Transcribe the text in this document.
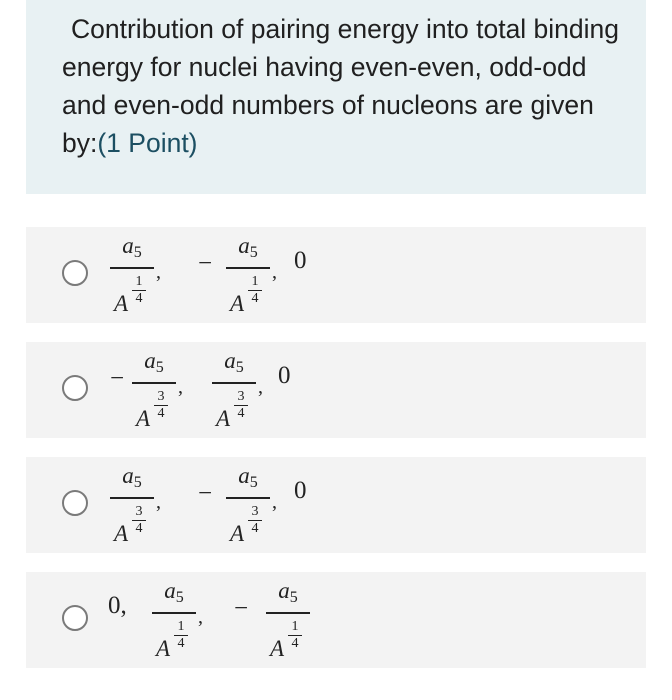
Contribution of pairing energy into total binding energy for nuclei having even-even, odd-odd and even-odd numbers of nucleons are given by:(1 Point)
$a_5$
A
1
4
, −
$a_5$
A
1
4
, 0
−
$a_5$
A
3
4
,
$a_5$
A
3
4
, 0
$a_5$
A
3
4
, −
$a_5$
A
3
4
, 0
0,
$a_5$
A
1
4
, −
$a_5$
A
1
4
